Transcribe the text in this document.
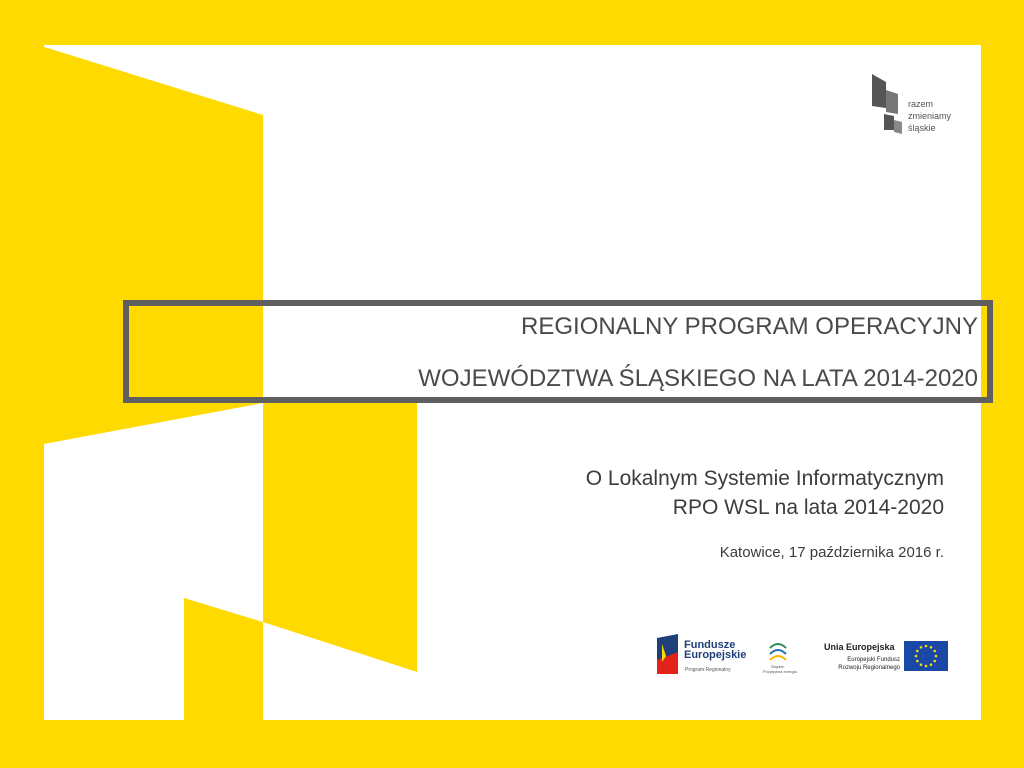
razem
zmieniamy
śląskie
REGIONALNY PROGRAM OPERACYJNY
WOJEWÓDZTWA ŚLĄSKIEGO NA LATA 2014-2020
O Lokalnym Systemie Informatycznym
RPO WSL na lata 2014-2020
Katowice, 17 października 2016 r.
Fundusze
Europejskie
Program Regionalny
Śląskie.
Pozytywna energia
Unia Europejska
Europejski Fundusz
Rozwoju Regionalnego
